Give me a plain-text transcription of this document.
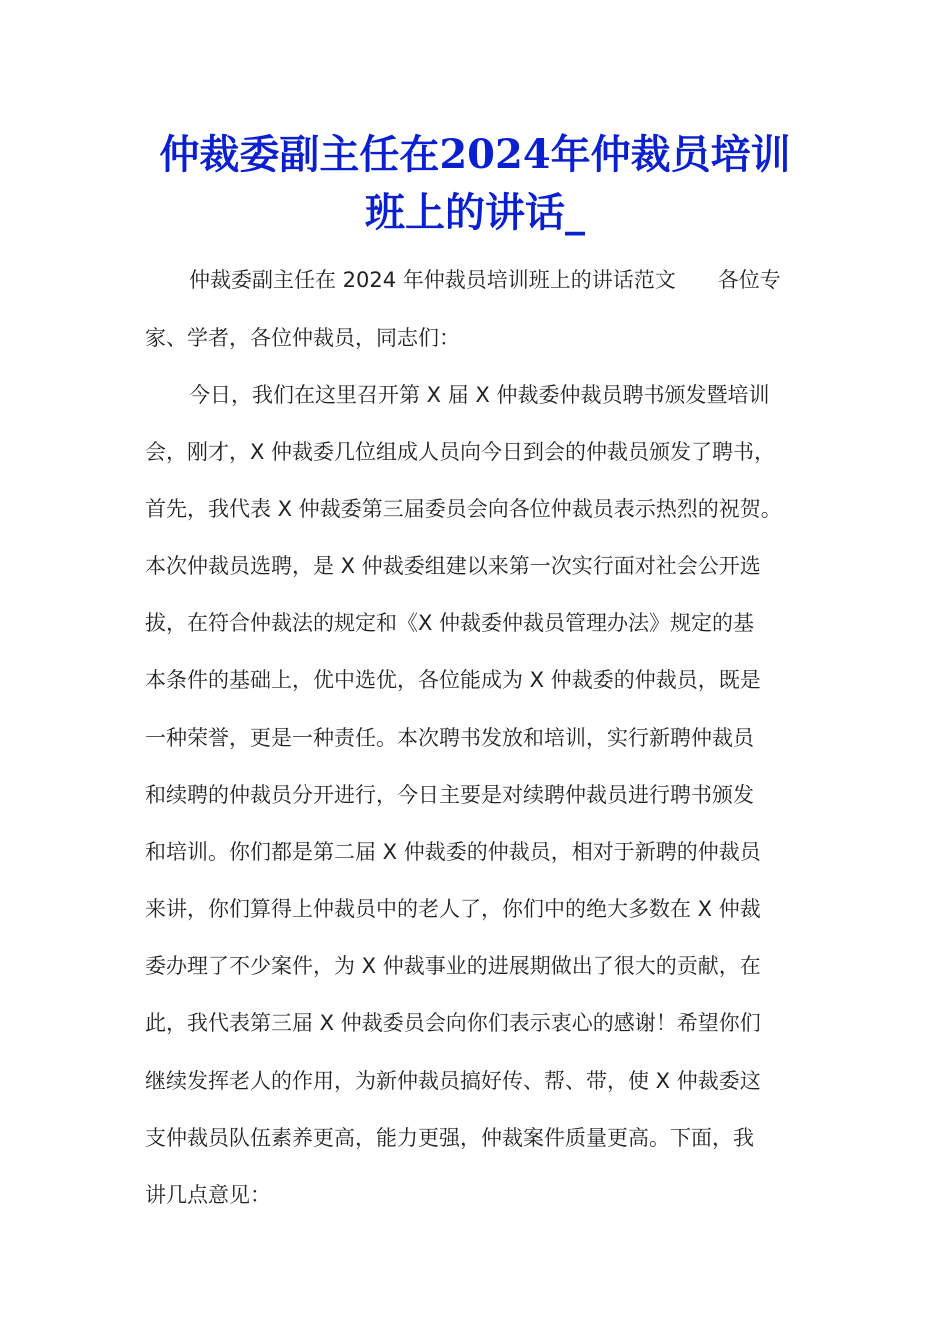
仲裁委副主任在2024年仲裁员培训
班上的讲话_

仲裁委副主任在 2024 年仲裁员培训班上的讲话范文　　各位专

家、学者，各位仲裁员，同志们：

今日，我们在这里召开第 X 届 X 仲裁委仲裁员聘书颁发暨培训

会，刚才，X 仲裁委几位组成人员向今日到会的仲裁员颁发了聘书，

首先，我代表 X 仲裁委第三届委员会向各位仲裁员表示热烈的祝贺。

本次仲裁员选聘，是 X 仲裁委组建以来第一次实行面对社会公开选

拔，在符合仲裁法的规定和《X 仲裁委仲裁员管理办法》规定的基

本条件的基础上，优中选优，各位能成为 X 仲裁委的仲裁员，既是

一种荣誉，更是一种责任。本次聘书发放和培训，实行新聘仲裁员

和续聘的仲裁员分开进行，今日主要是对续聘仲裁员进行聘书颁发

和培训。你们都是第二届 X 仲裁委的仲裁员，相对于新聘的仲裁员

来讲，你们算得上仲裁员中的老人了，你们中的绝大多数在 X 仲裁

委办理了不少案件，为 X 仲裁事业的进展期做出了很大的贡献，在

此，我代表第三届 X 仲裁委员会向你们表示衷心的感谢！希望你们

继续发挥老人的作用，为新仲裁员搞好传、帮、带，使 X 仲裁委这

支仲裁员队伍素养更高，能力更强，仲裁案件质量更高。下面，我

讲几点意见：
